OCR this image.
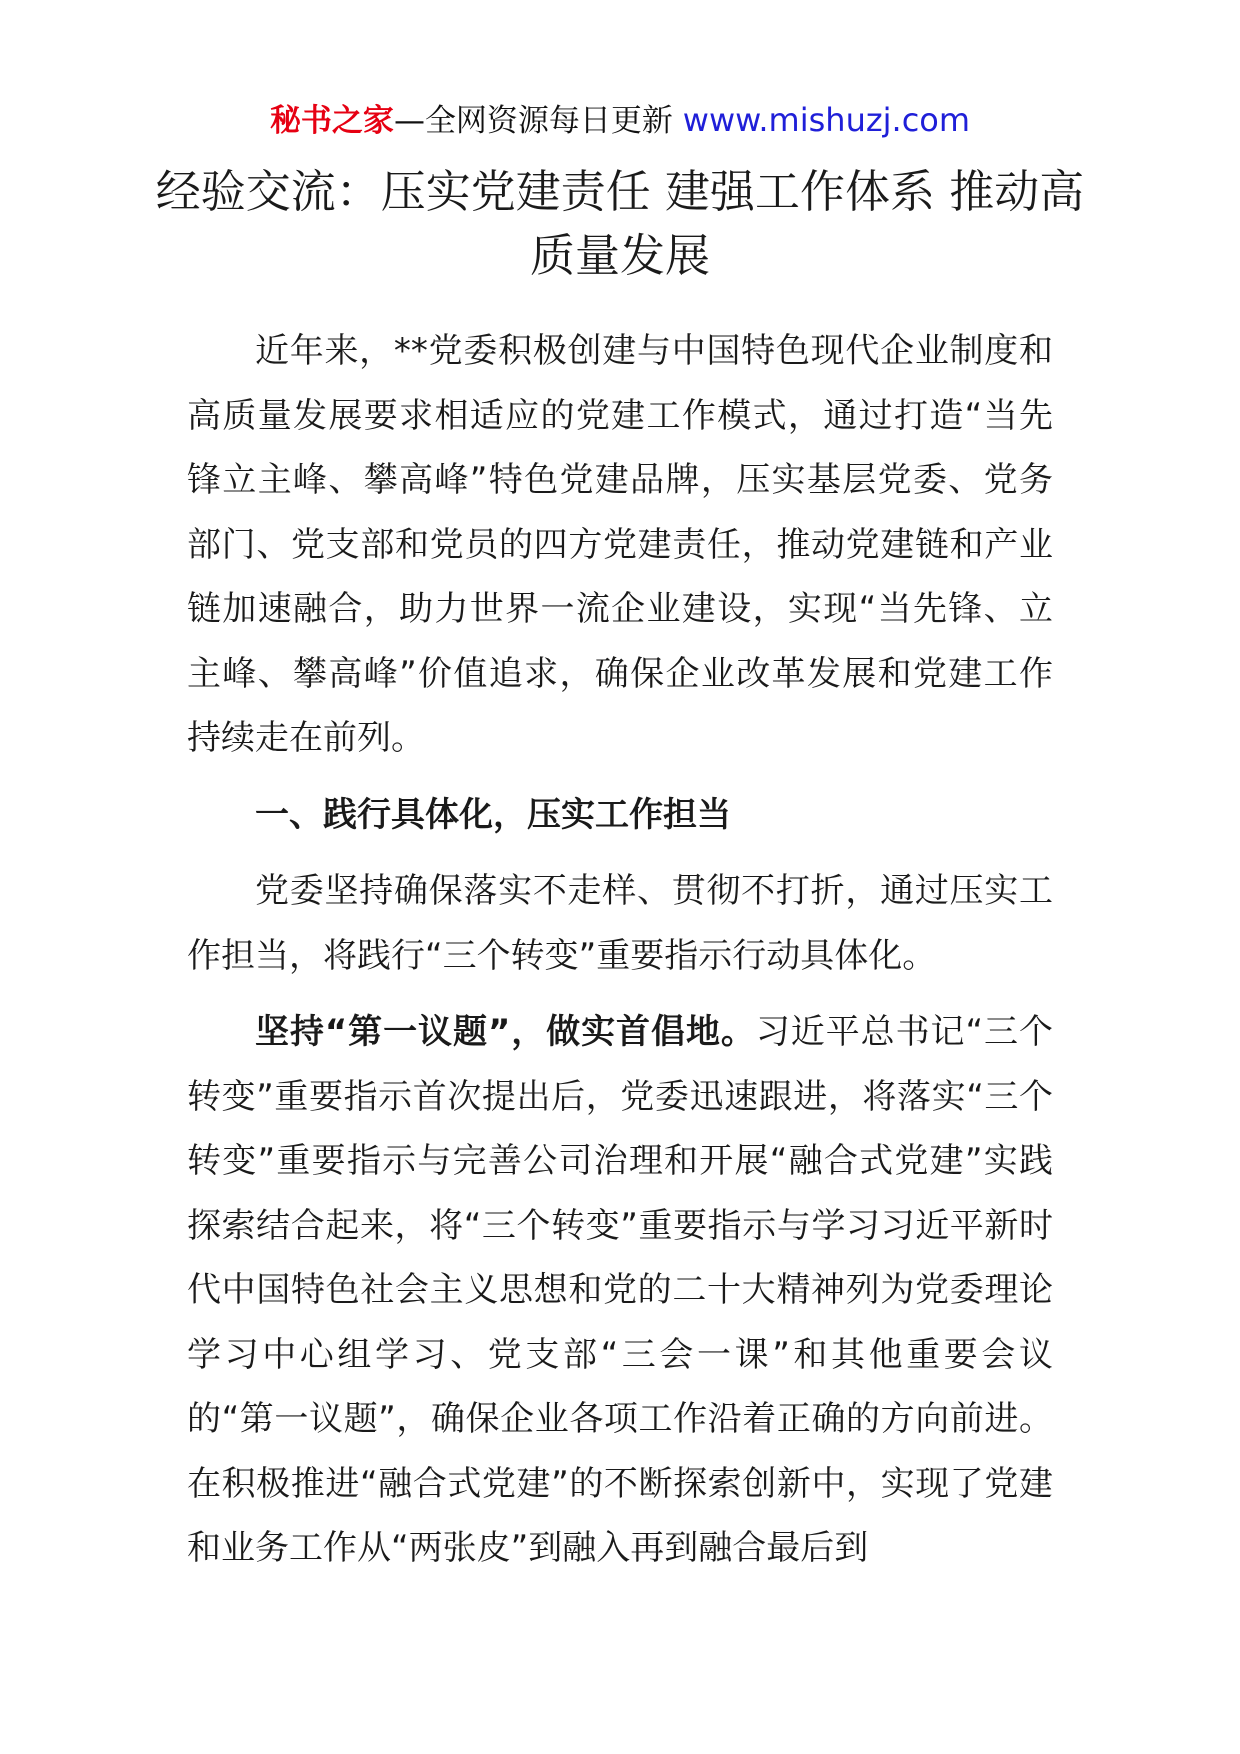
秘书之家—全网资源每日更新 www.mishuzj.com
经验交流：压实党建责任 建强工作体系 推动高质量发展

近年来，**党委积极创建与中国特色现代企业制度和高质量发展要求相适应的党建工作模式，通过打造“当先锋立主峰、攀高峰”特色党建品牌，压实基层党委、党务部门、党支部和党员的四方党建责任，推动党建链和产业链加速融合，助力世界一流企业建设，实现“当先锋、立主峰、攀高峰”价值追求，确保企业改革发展和党建工作持续走在前列。

一、践行具体化，压实工作担当

党委坚持确保落实不走样、贯彻不打折，通过压实工作担当，将践行“三个转变”重要指示行动具体化。

坚持“第一议题”，做实首倡地。习近平总书记“三个转变”重要指示首次提出后，党委迅速跟进，将落实“三个转变”重要指示与完善公司治理和开展“融合式党建”实践探索结合起来，将“三个转变”重要指示与学习习近平新时代中国特色社会主义思想和党的二十大精神列为党委理论学习中心组学习、党支部“三会一课”和其他重要会议的“第一议题”，确保企业各项工作沿着正确的方向前进。在积极推进“融合式党建”的不断探索创新中，实现了党建和业务工作从“两张皮”到融入再到融合最后到
